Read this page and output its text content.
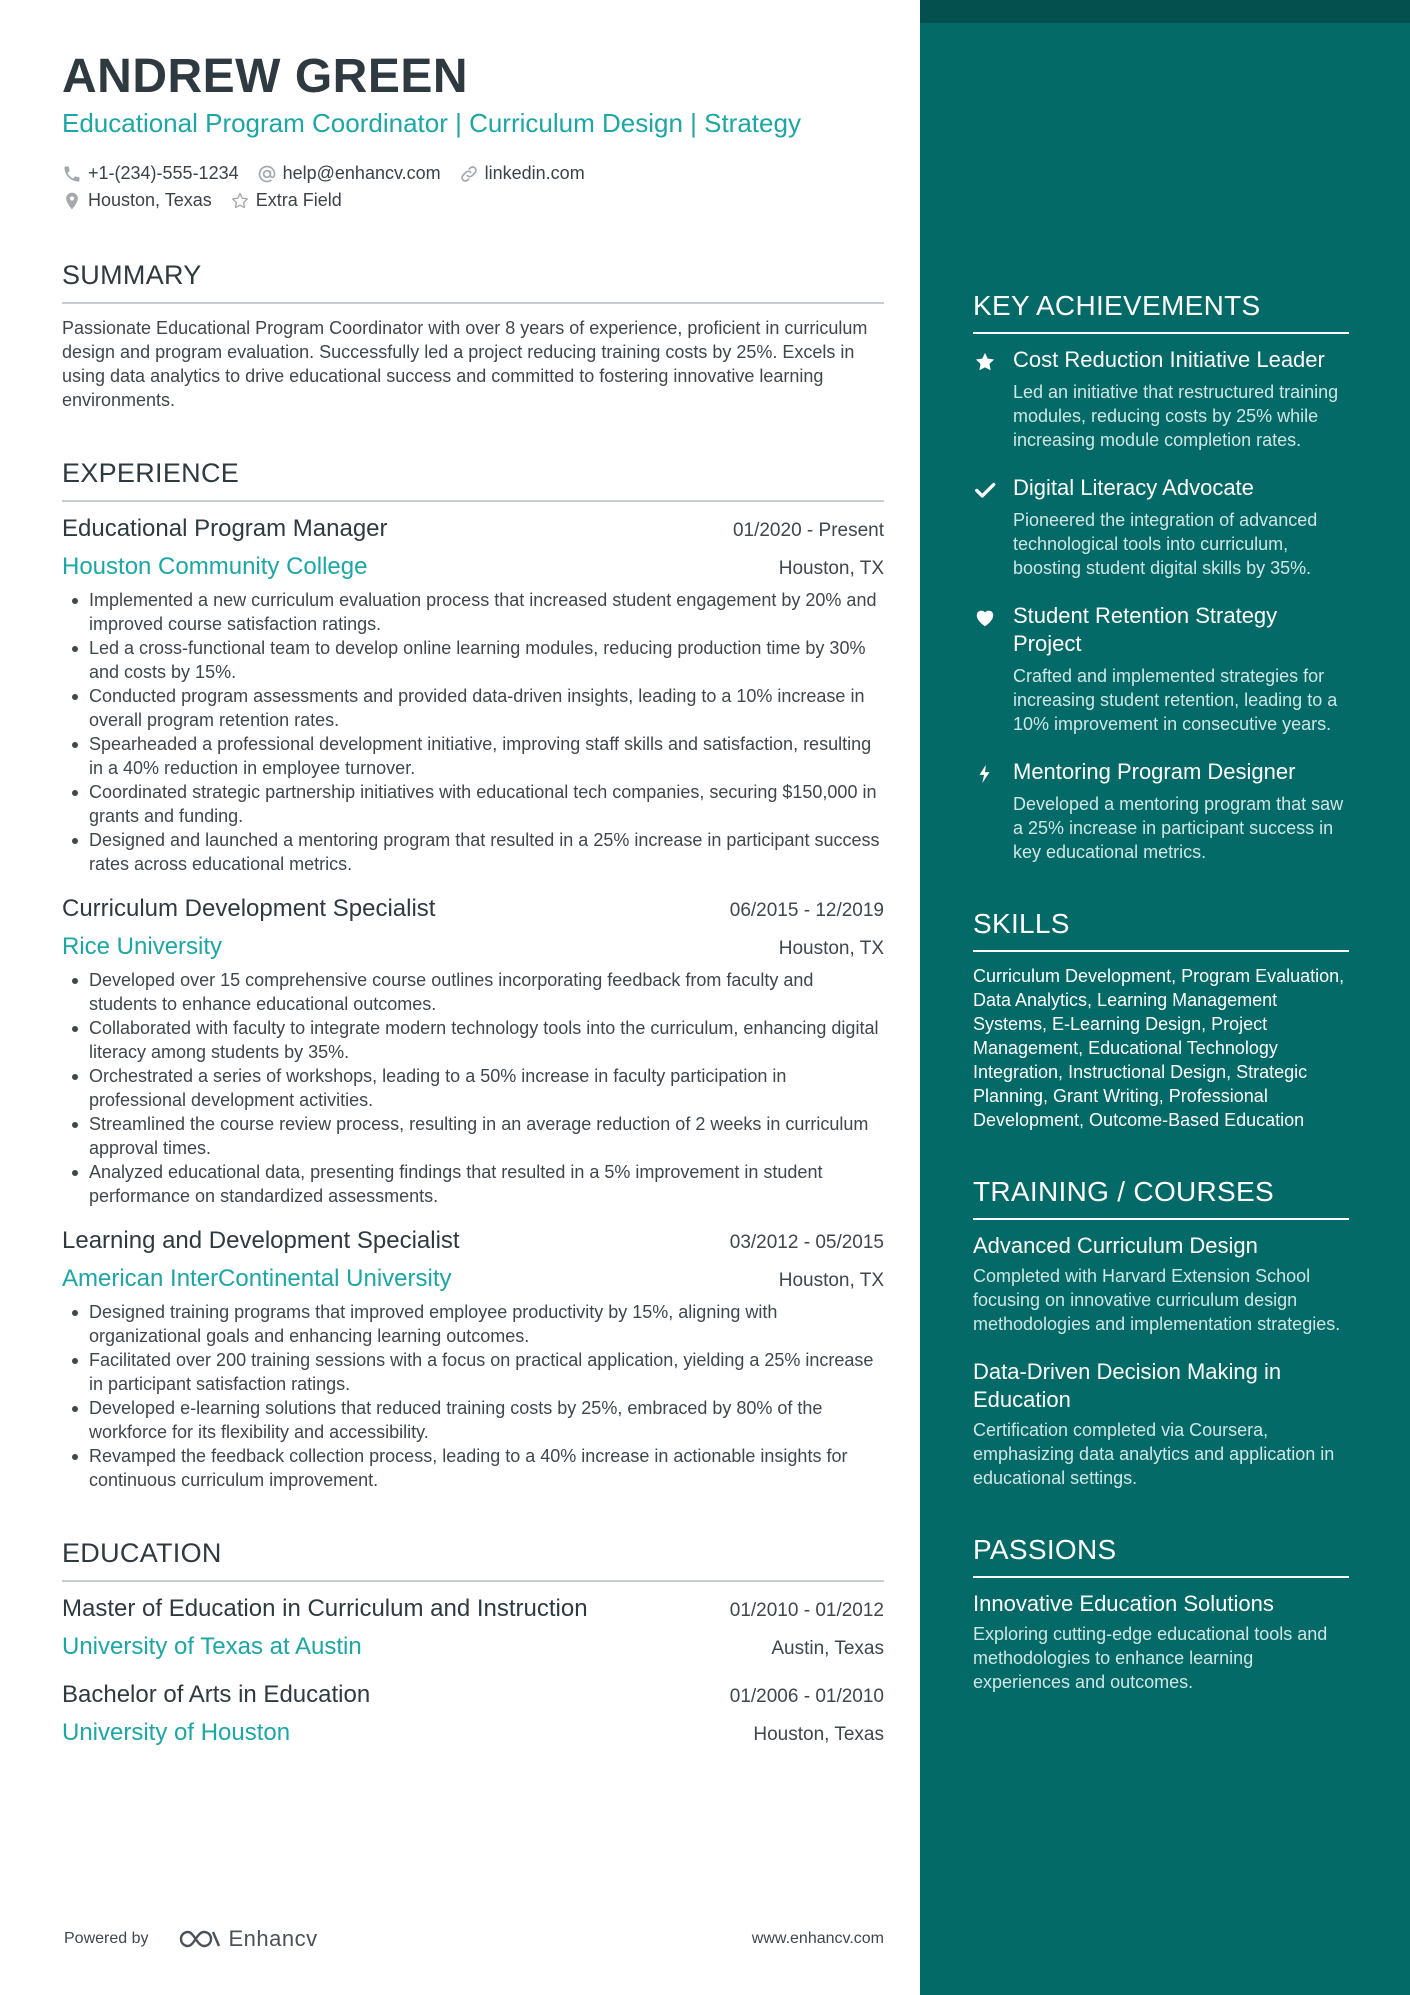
ANDREW GREEN
Educational Program Coordinator | Curriculum Design | Strategy
+1-(234)-555-1234 help@enhancv.com linkedin.com
Houston, Texas Extra Field
SUMMARY
Passionate Educational Program Coordinator with over 8 years of experience, proficient in curriculum design and program evaluation. Successfully led a project reducing training costs by 25%. Excels in using data analytics to drive educational success and committed to fostering innovative learning environments.
EXPERIENCE
Educational Program Manager	01/2020 - Present
Houston Community College	Houston, TX
Implemented a new curriculum evaluation process that increased student engagement by 20% and improved course satisfaction ratings.
Led a cross-functional team to develop online learning modules, reducing production time by 30% and costs by 15%.
Conducted program assessments and provided data-driven insights, leading to a 10% increase in overall program retention rates.
Spearheaded a professional development initiative, improving staff skills and satisfaction, resulting in a 40% reduction in employee turnover.
Coordinated strategic partnership initiatives with educational tech companies, securing $150,000 in grants and funding.
Designed and launched a mentoring program that resulted in a 25% increase in participant success rates across educational metrics.
Curriculum Development Specialist	06/2015 - 12/2019
Rice University	Houston, TX
Developed over 15 comprehensive course outlines incorporating feedback from faculty and students to enhance educational outcomes.
Collaborated with faculty to integrate modern technology tools into the curriculum, enhancing digital literacy among students by 35%.
Orchestrated a series of workshops, leading to a 50% increase in faculty participation in professional development activities.
Streamlined the course review process, resulting in an average reduction of 2 weeks in curriculum approval times.
Analyzed educational data, presenting findings that resulted in a 5% improvement in student performance on standardized assessments.
Learning and Development Specialist	03/2012 - 05/2015
American InterContinental University	Houston, TX
Designed training programs that improved employee productivity by 15%, aligning with organizational goals and enhancing learning outcomes.
Facilitated over 200 training sessions with a focus on practical application, yielding a 25% increase in participant satisfaction ratings.
Developed e-learning solutions that reduced training costs by 25%, embraced by 80% of the workforce for its flexibility and accessibility.
Revamped the feedback collection process, leading to a 40% increase in actionable insights for continuous curriculum improvement.
EDUCATION
Master of Education in Curriculum and Instruction	01/2010 - 01/2012
University of Texas at Austin	Austin, Texas
Bachelor of Arts in Education	01/2006 - 01/2010
University of Houston	Houston, Texas
Powered by	Enhancv	www.enhancv.com
KEY ACHIEVEMENTS
Cost Reduction Initiative Leader
Led an initiative that restructured training modules, reducing costs by 25% while increasing module completion rates.
Digital Literacy Advocate
Pioneered the integration of advanced technological tools into curriculum, boosting student digital skills by 35%.
Student Retention Strategy Project
Crafted and implemented strategies for increasing student retention, leading to a 10% improvement in consecutive years.
Mentoring Program Designer
Developed a mentoring program that saw a 25% increase in participant success in key educational metrics.
SKILLS
Curriculum Development, Program Evaluation, Data Analytics, Learning Management Systems, E-Learning Design, Project Management, Educational Technology Integration, Instructional Design, Strategic Planning, Grant Writing, Professional Development, Outcome-Based Education
TRAINING / COURSES
Advanced Curriculum Design
Completed with Harvard Extension School focusing on innovative curriculum design methodologies and implementation strategies.
Data-Driven Decision Making in Education
Certification completed via Coursera, emphasizing data analytics and application in educational settings.
PASSIONS
Innovative Education Solutions
Exploring cutting-edge educational tools and methodologies to enhance learning experiences and outcomes.
